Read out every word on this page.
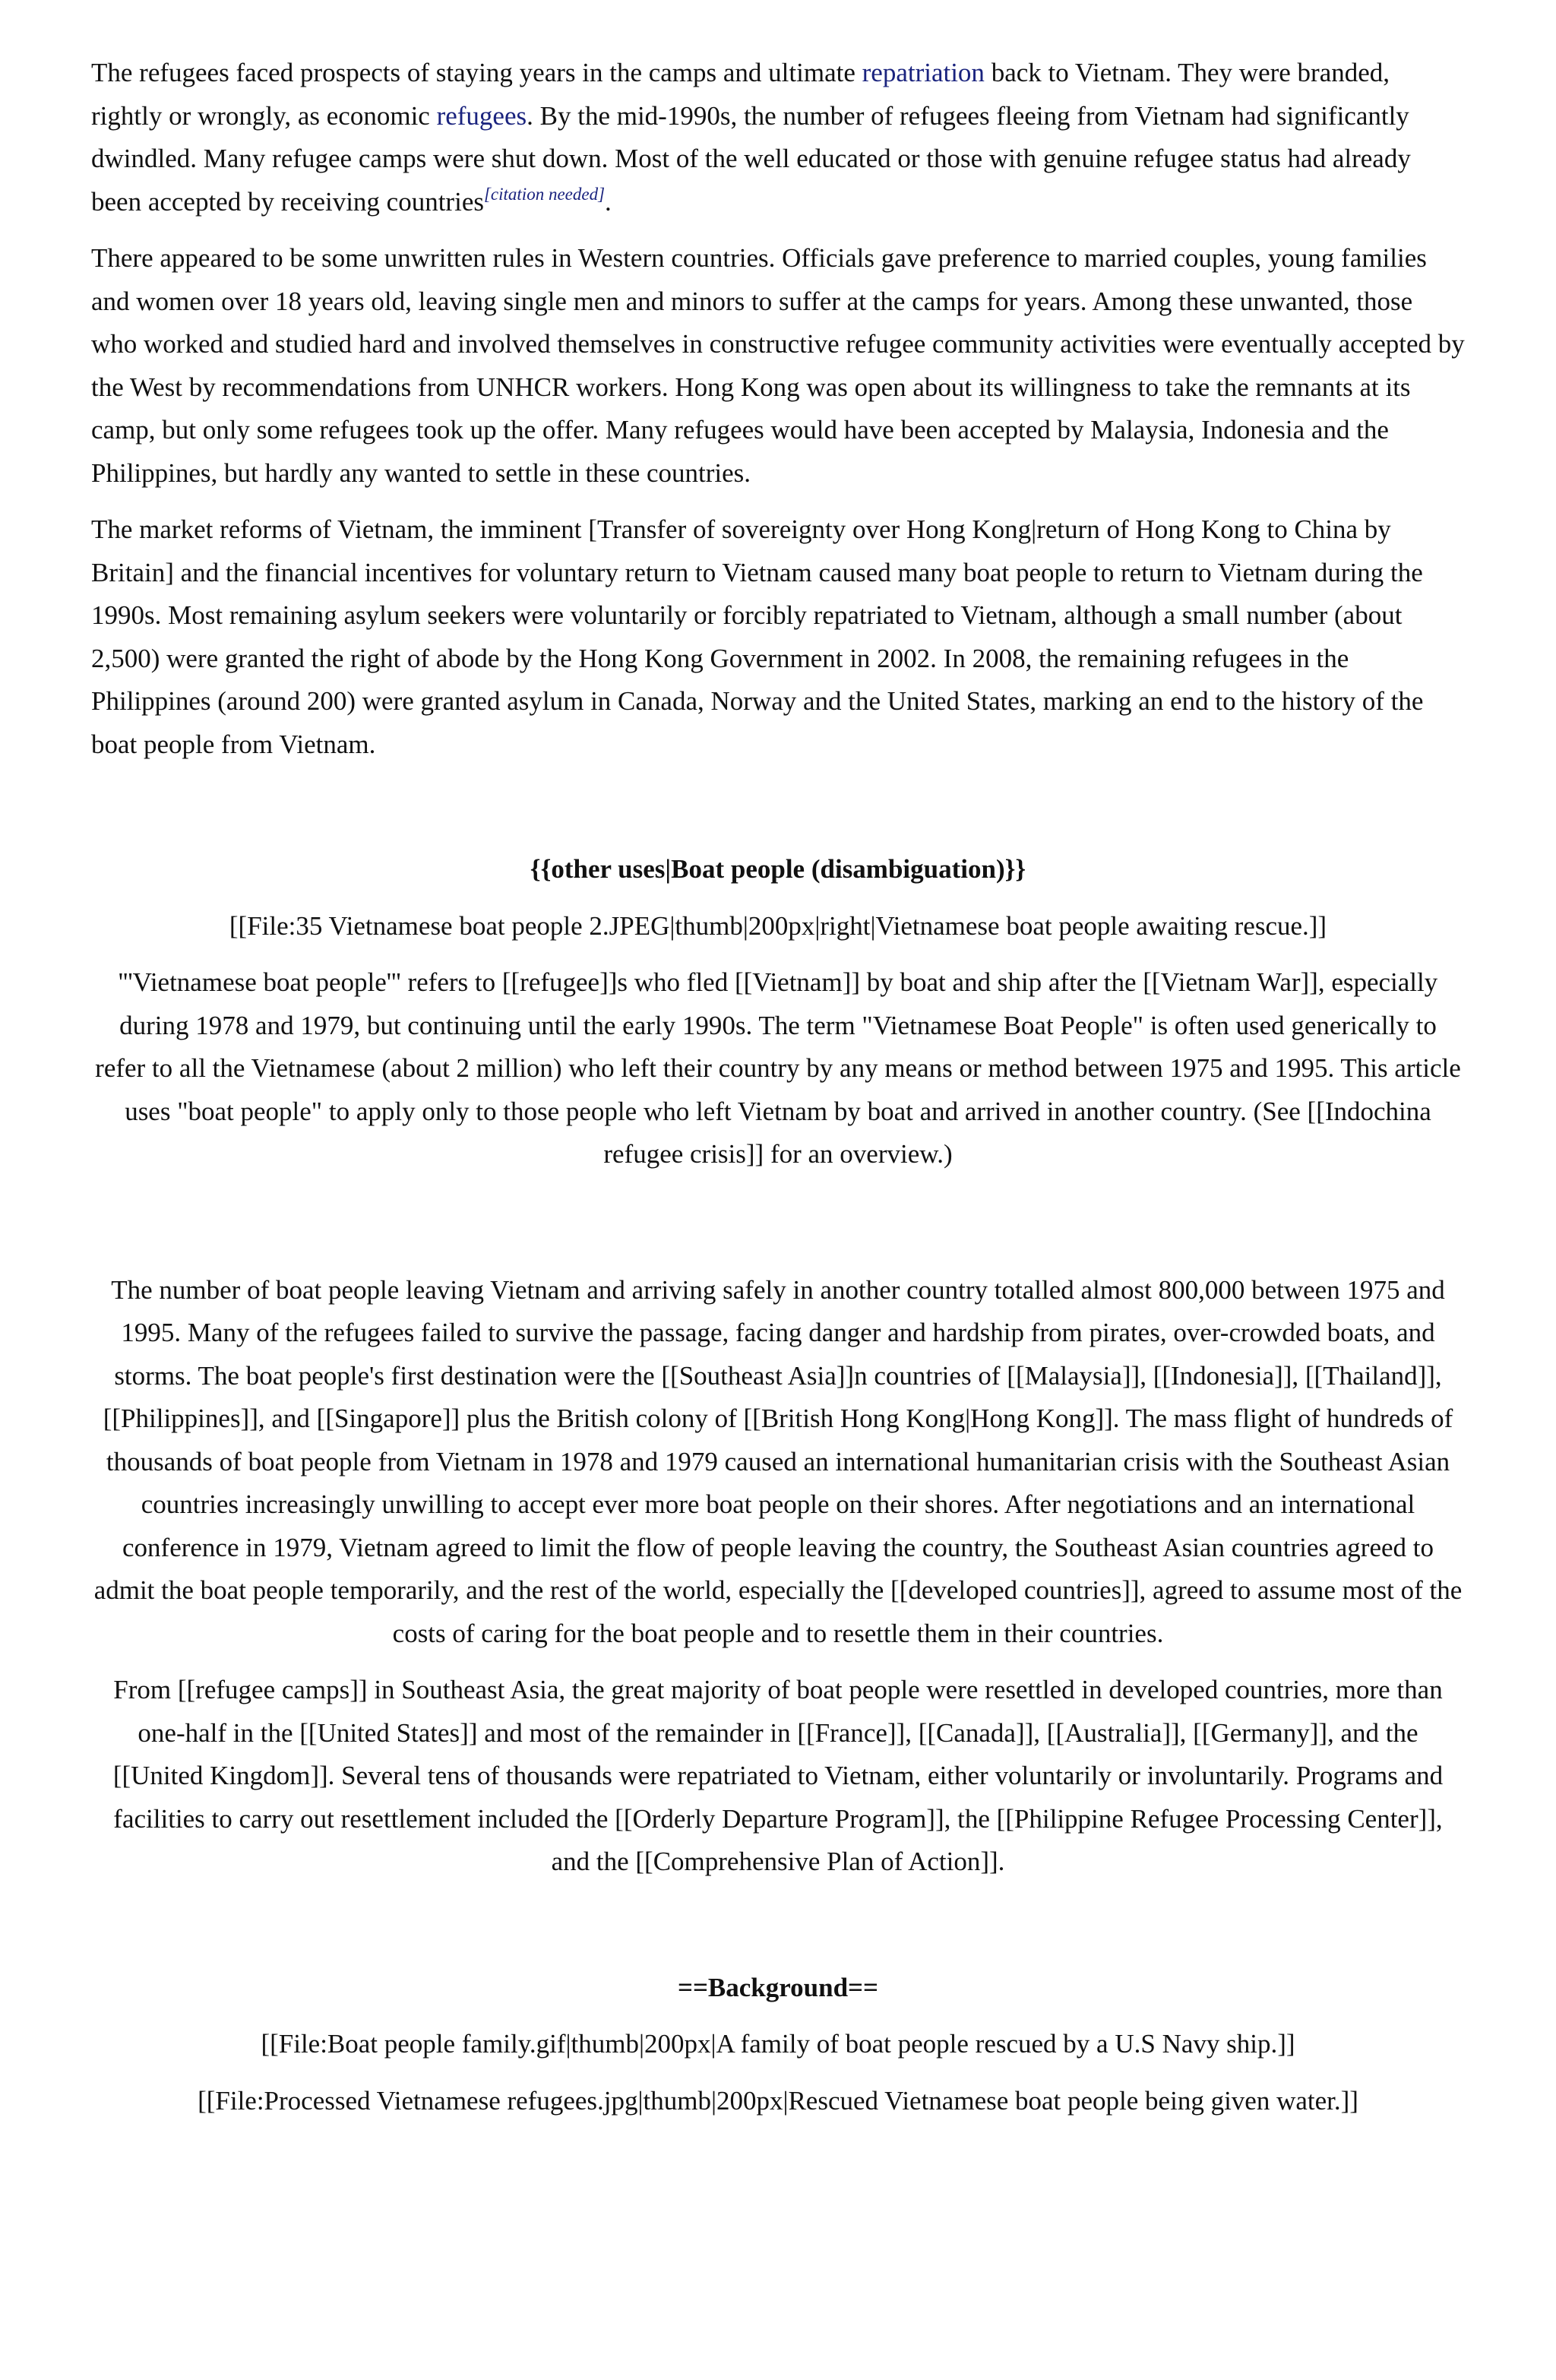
The refugees faced prospects of staying years in the camps and ultimate repatriation back to Vietnam. They were branded, rightly or wrongly, as economic refugees. By the mid-1990s, the number of refugees fleeing from Vietnam had significantly dwindled. Many refugee camps were shut down. Most of the well educated or those with genuine refugee status had already been accepted by receiving countries[citation needed].

There appeared to be some unwritten rules in Western countries. Officials gave preference to married couples, young families and women over 18 years old, leaving single men and minors to suffer at the camps for years. Among these unwanted, those who worked and studied hard and involved themselves in constructive refugee community activities were eventually accepted by the West by recommendations from UNHCR workers. Hong Kong was open about its willingness to take the remnants at its camp, but only some refugees took up the offer. Many refugees would have been accepted by Malaysia, Indonesia and the Philippines, but hardly any wanted to settle in these countries.

The market reforms of Vietnam, the imminent [Transfer of sovereignty over Hong Kong|return of Hong Kong to China by Britain] and the financial incentives for voluntary return to Vietnam caused many boat people to return to Vietnam during the 1990s. Most remaining asylum seekers were voluntarily or forcibly repatriated to Vietnam, although a small number (about 2,500) were granted the right of abode by the Hong Kong Government in 2002. In 2008, the remaining refugees in the Philippines (around 200) were granted asylum in Canada, Norway and the United States, marking an end to the history of the boat people from Vietnam.

{{other uses|Boat people (disambiguation)}}

[[File:35 Vietnamese boat people 2.JPEG|thumb|200px|right|Vietnamese boat people awaiting rescue.]]

'''Vietnamese boat people''' refers to [[refugee]]s who fled [[Vietnam]] by boat and ship after the [[Vietnam War]], especially during 1978 and 1979, but continuing until the early 1990s. The term "Vietnamese Boat People" is often used generically to refer to all the Vietnamese (about 2 million) who left their country by any means or method between 1975 and 1995. This article uses "boat people" to apply only to those people who left Vietnam by boat and arrived in another country. (See [[Indochina refugee crisis]] for an overview.)

The number of boat people leaving Vietnam and arriving safely in another country totalled almost 800,000 between 1975 and 1995. Many of the refugees failed to survive the passage, facing danger and hardship from pirates, over-crowded boats, and storms. The boat people's first destination were the [[Southeast Asia]]n countries of [[Malaysia]], [[Indonesia]], [[Thailand]], [[Philippines]], and [[Singapore]] plus the British colony of [[British Hong Kong|Hong Kong]]. The mass flight of hundreds of thousands of boat people from Vietnam in 1978 and 1979 caused an international humanitarian crisis with the Southeast Asian countries increasingly unwilling to accept ever more boat people on their shores. After negotiations and an international conference in 1979, Vietnam agreed to limit the flow of people leaving the country, the Southeast Asian countries agreed to admit the boat people temporarily, and the rest of the world, especially the [[developed countries]], agreed to assume most of the costs of caring for the boat people and to resettle them in their countries.

From [[refugee camps]] in Southeast Asia, the great majority of boat people were resettled in developed countries, more than one-half in the [[United States]] and most of the remainder in [[France]], [[Canada]], [[Australia]], [[Germany]], and the [[United Kingdom]]. Several tens of thousands were repatriated to Vietnam, either voluntarily or involuntarily. Programs and facilities to carry out resettlement included the [[Orderly Departure Program]], the [[Philippine Refugee Processing Center]], and the [[Comprehensive Plan of Action]].

==Background==

[[File:Boat people family.gif|thumb|200px|A family of boat people rescued by a U.S Navy ship.]]

[[File:Processed Vietnamese refugees.jpg|thumb|200px|Rescued Vietnamese boat people being given water.]]
